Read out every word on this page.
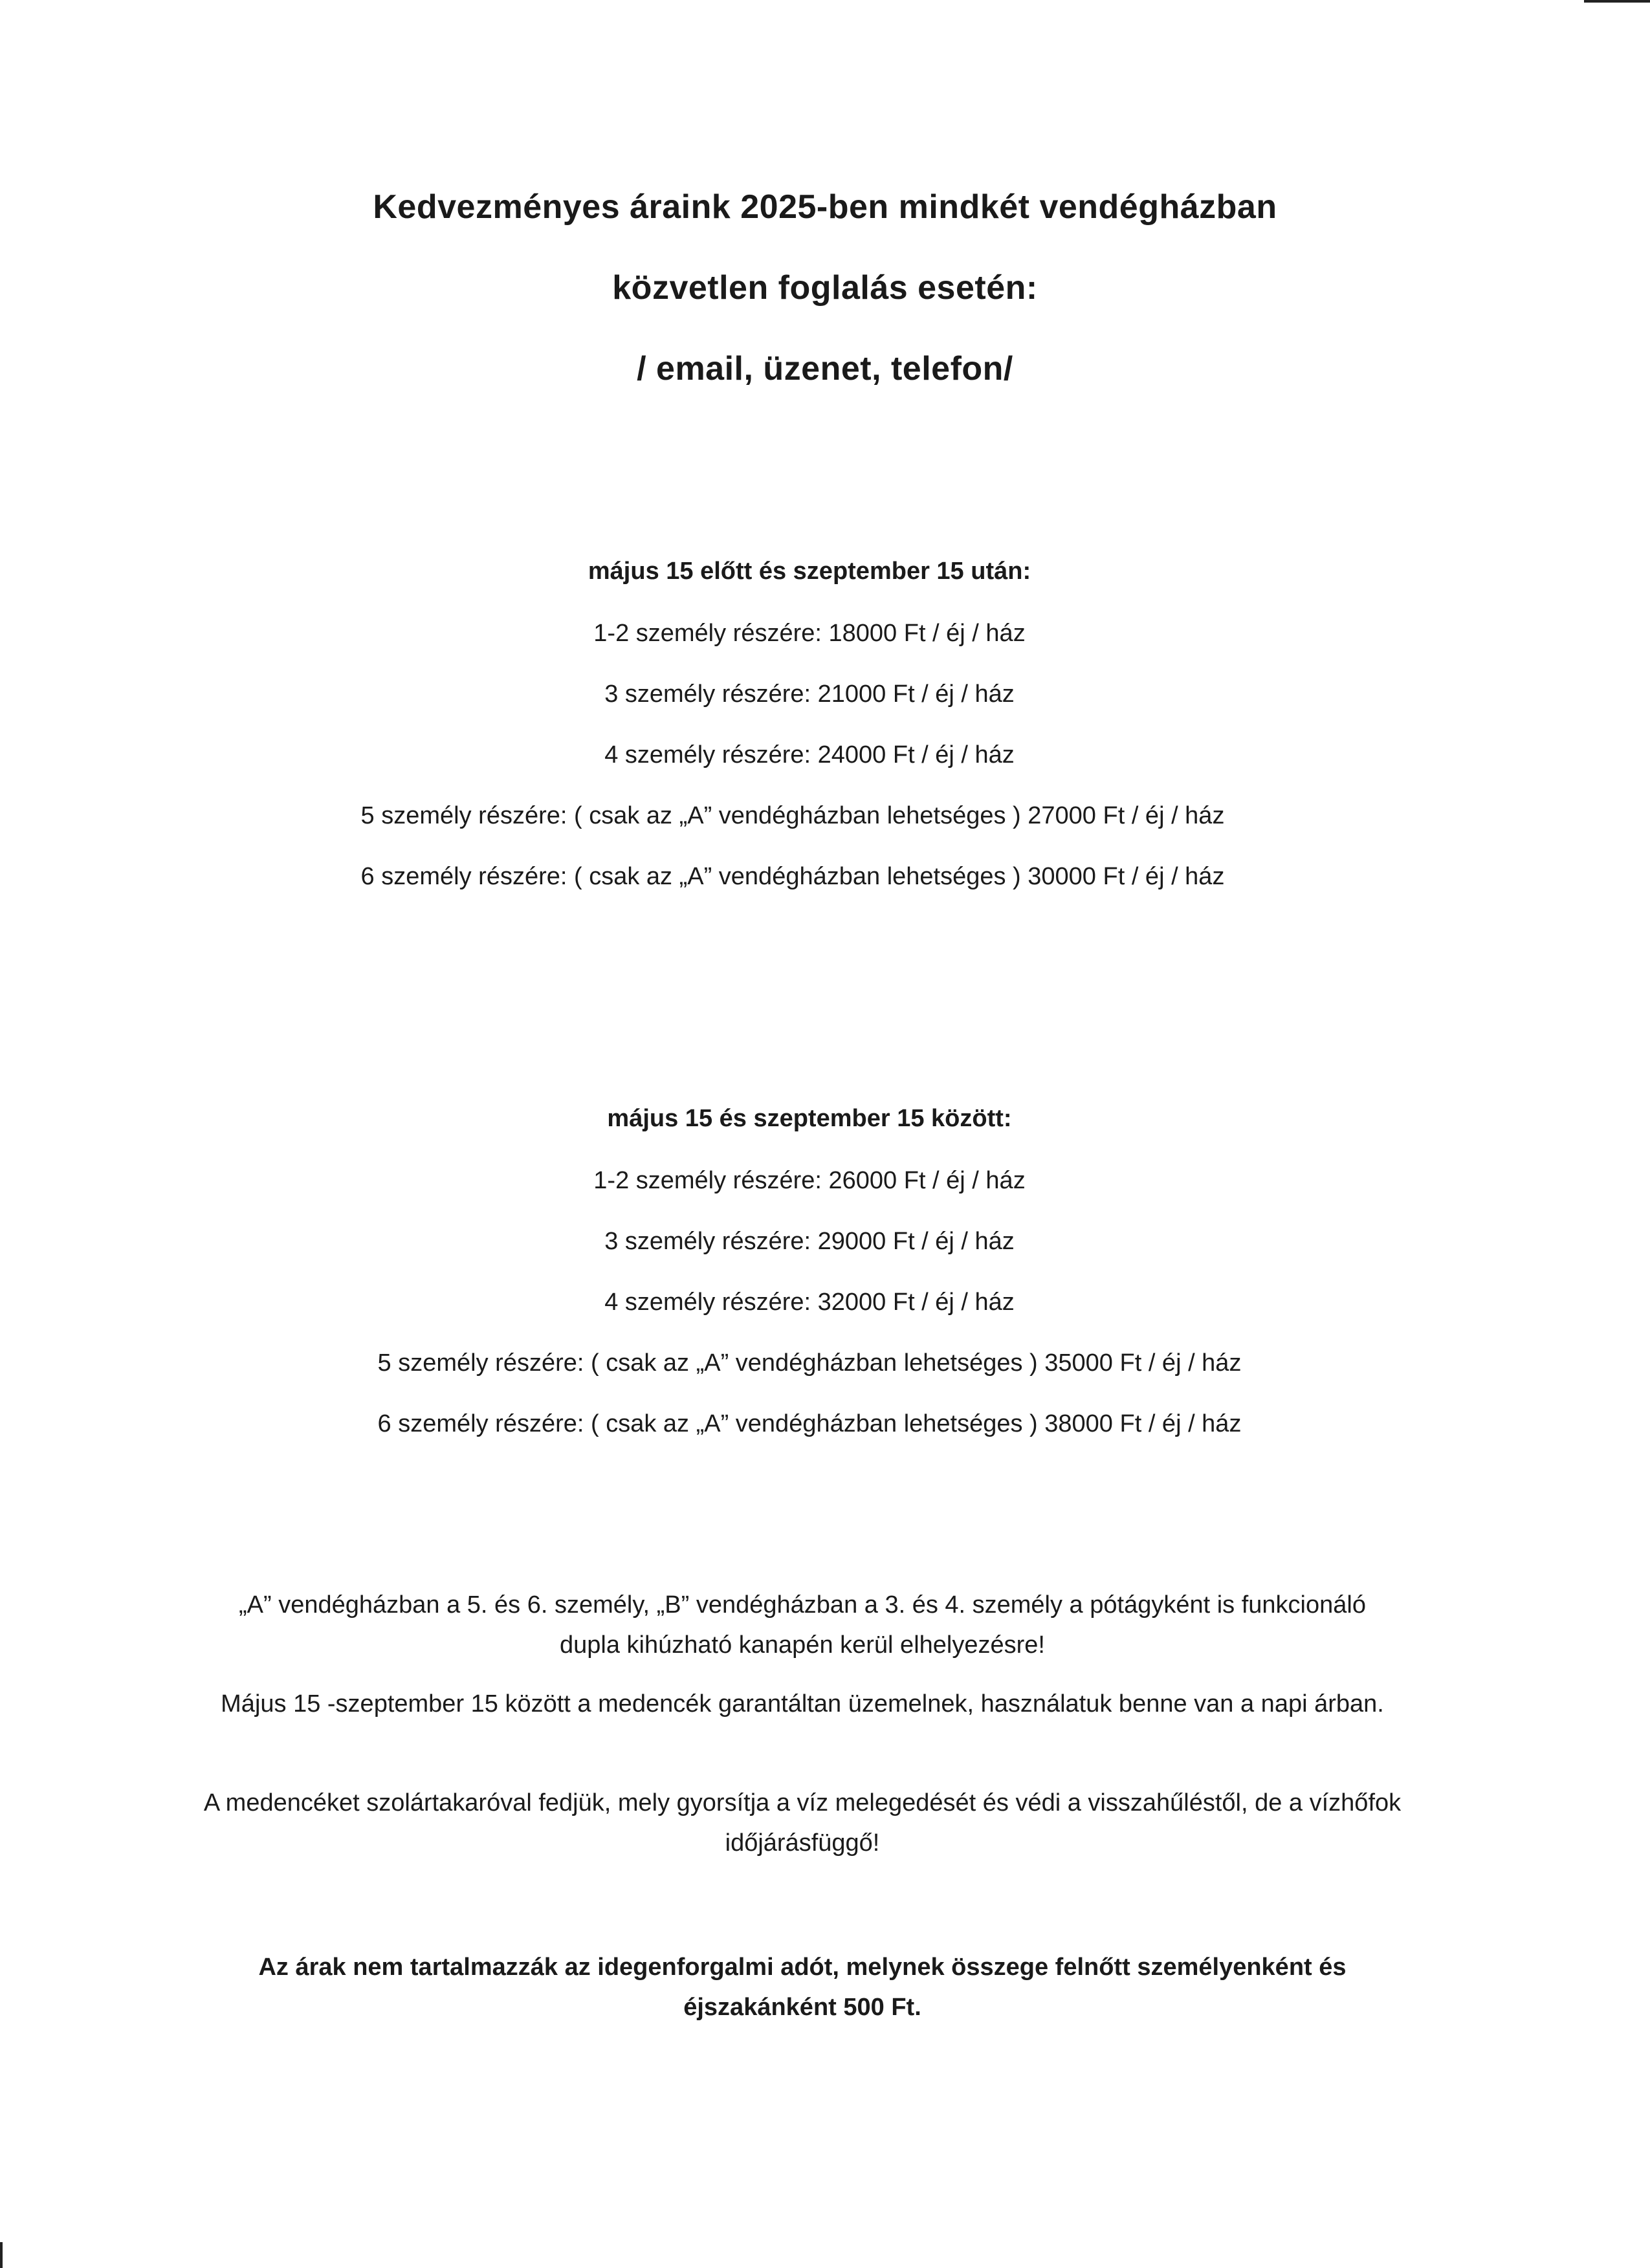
Kedvezményes áraink 2025-ben mindkét vendégházban
közvetlen foglalás esetén:
/ email, üzenet, telefon/
május 15 előtt és szeptember 15 után:
1-2 személy részére: 18000 Ft / éj / ház
3 személy részére: 21000 Ft / éj / ház
4 személy részére: 24000 Ft / éj / ház
5 személy részére: ( csak az „A” vendégházban lehetséges ) 27000 Ft / éj / ház
6 személy részére: ( csak az „A” vendégházban lehetséges ) 30000 Ft / éj / ház
május 15 és szeptember 15 között:
1-2 személy részére: 26000 Ft / éj / ház
3 személy részére: 29000 Ft / éj / ház
4 személy részére: 32000 Ft / éj / ház
5 személy részére: ( csak az „A” vendégházban lehetséges ) 35000 Ft / éj / ház
6 személy részére: ( csak az „A” vendégházban lehetséges ) 38000 Ft / éj / ház
„A” vendégházban a 5. és 6. személy, „B” vendégházban a 3. és 4. személy a pótágyként is funkcionáló dupla kihúzható kanapén kerül elhelyezésre!
Május 15 -szeptember 15 között a medencék garantáltan üzemelnek, használatuk benne van a napi árban.
A medencéket szolártakaróval fedjük, mely gyorsítja a víz melegedését és védi a visszahűléstől, de a vízhőfok időjárásfüggő!
Az árak nem tartalmazzák az idegenforgalmi adót, melynek összege felnőtt személyenként és éjszakánként 500 Ft.
